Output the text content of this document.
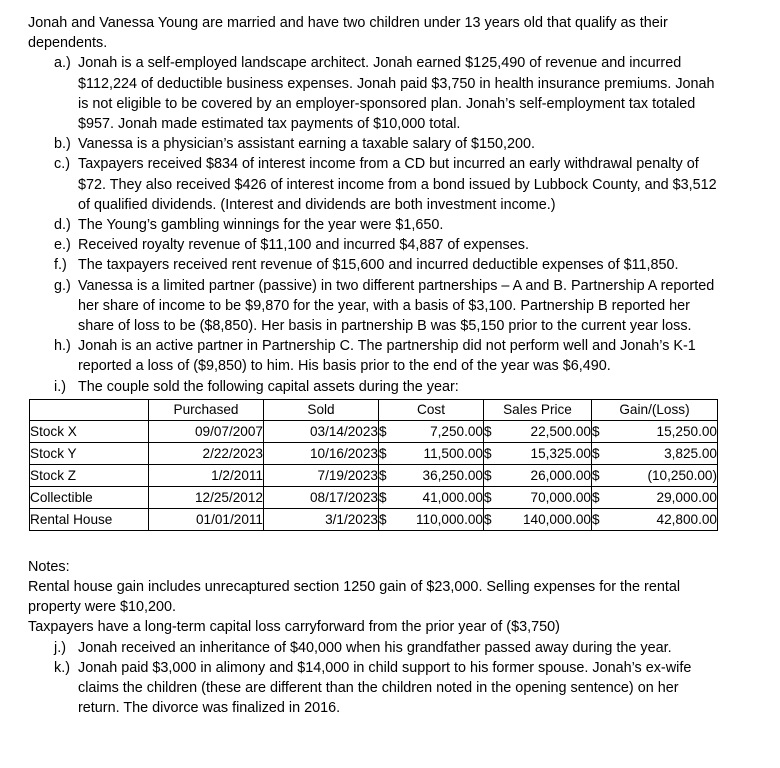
Jonah and Vanessa Young are married and have two children under 13 years old that qualify as their dependents.

a.) Jonah is a self-employed landscape architect. Jonah earned $125,490 of revenue and incurred $112,224 of deductible business expenses. Jonah paid $3,750 in health insurance premiums. Jonah is not eligible to be covered by an employer-sponsored plan. Jonah’s self-employment tax totaled $957. Jonah made estimated tax payments of $10,000 total.
b.) Vanessa is a physician’s assistant earning a taxable salary of $150,200.
c.) Taxpayers received $834 of interest income from a CD but incurred an early withdrawal penalty of $72. They also received $426 of interest income from a bond issued by Lubbock County, and $3,512 of qualified dividends. (Interest and dividends are both investment income.)
d.) The Young’s gambling winnings for the year were $1,650.
e.) Received royalty revenue of $11,100 and incurred $4,887 of expenses.
f.) The taxpayers received rent revenue of $15,600 and incurred deductible expenses of $11,850.
g.) Vanessa is a limited partner (passive) in two different partnerships – A and B. Partnership A reported her share of income to be $9,870 for the year, with a basis of $3,100. Partnership B reported her share of loss to be ($8,850). Her basis in partnership B was $5,150 prior to the current year loss.
h.) Jonah is an active partner in Partnership C. The partnership did not perform well and Jonah’s K-1 reported a loss of ($9,850) to him. His basis prior to the end of the year was $6,490.
i.) The couple sold the following capital assets during the year:
	Purchased	Sold	Cost	Sales Price	Gain/(Loss)
Stock X	09/07/2007	03/14/2023	$ 7,250.00	$ 22,500.00	$ 15,250.00

Stock Y	2/22/2023	10/16/2023	$ 11,500.00	$ 15,325.00	$ 3,825.00

Stock Z	1/2/2011	7/19/2023	$ 36,250.00	$ 26,000.00	$ (10,250.00)

Collectible	12/25/2012	08/17/2023	$ 41,000.00	$ 70,000.00	$ 29,000.00

Rental House	01/01/2011	3/1/2023	$ 110,000.00	$ 140,000.00	$ 42,800.00

Notes:

Rental house gain includes unrecaptured section 1250 gain of $23,000. Selling expenses for the rental property were $10,200.

Taxpayers have a long-term capital loss carryforward from the prior year of ($3,750)

j.) Jonah received an inheritance of $40,000 when his grandfather passed away during the year.
k.) Jonah paid $3,000 in alimony and $14,000 in child support to his former spouse. Jonah’s ex-wife claims the children (these are different than the children noted in the opening sentence) on her return. The divorce was finalized in 2016.
